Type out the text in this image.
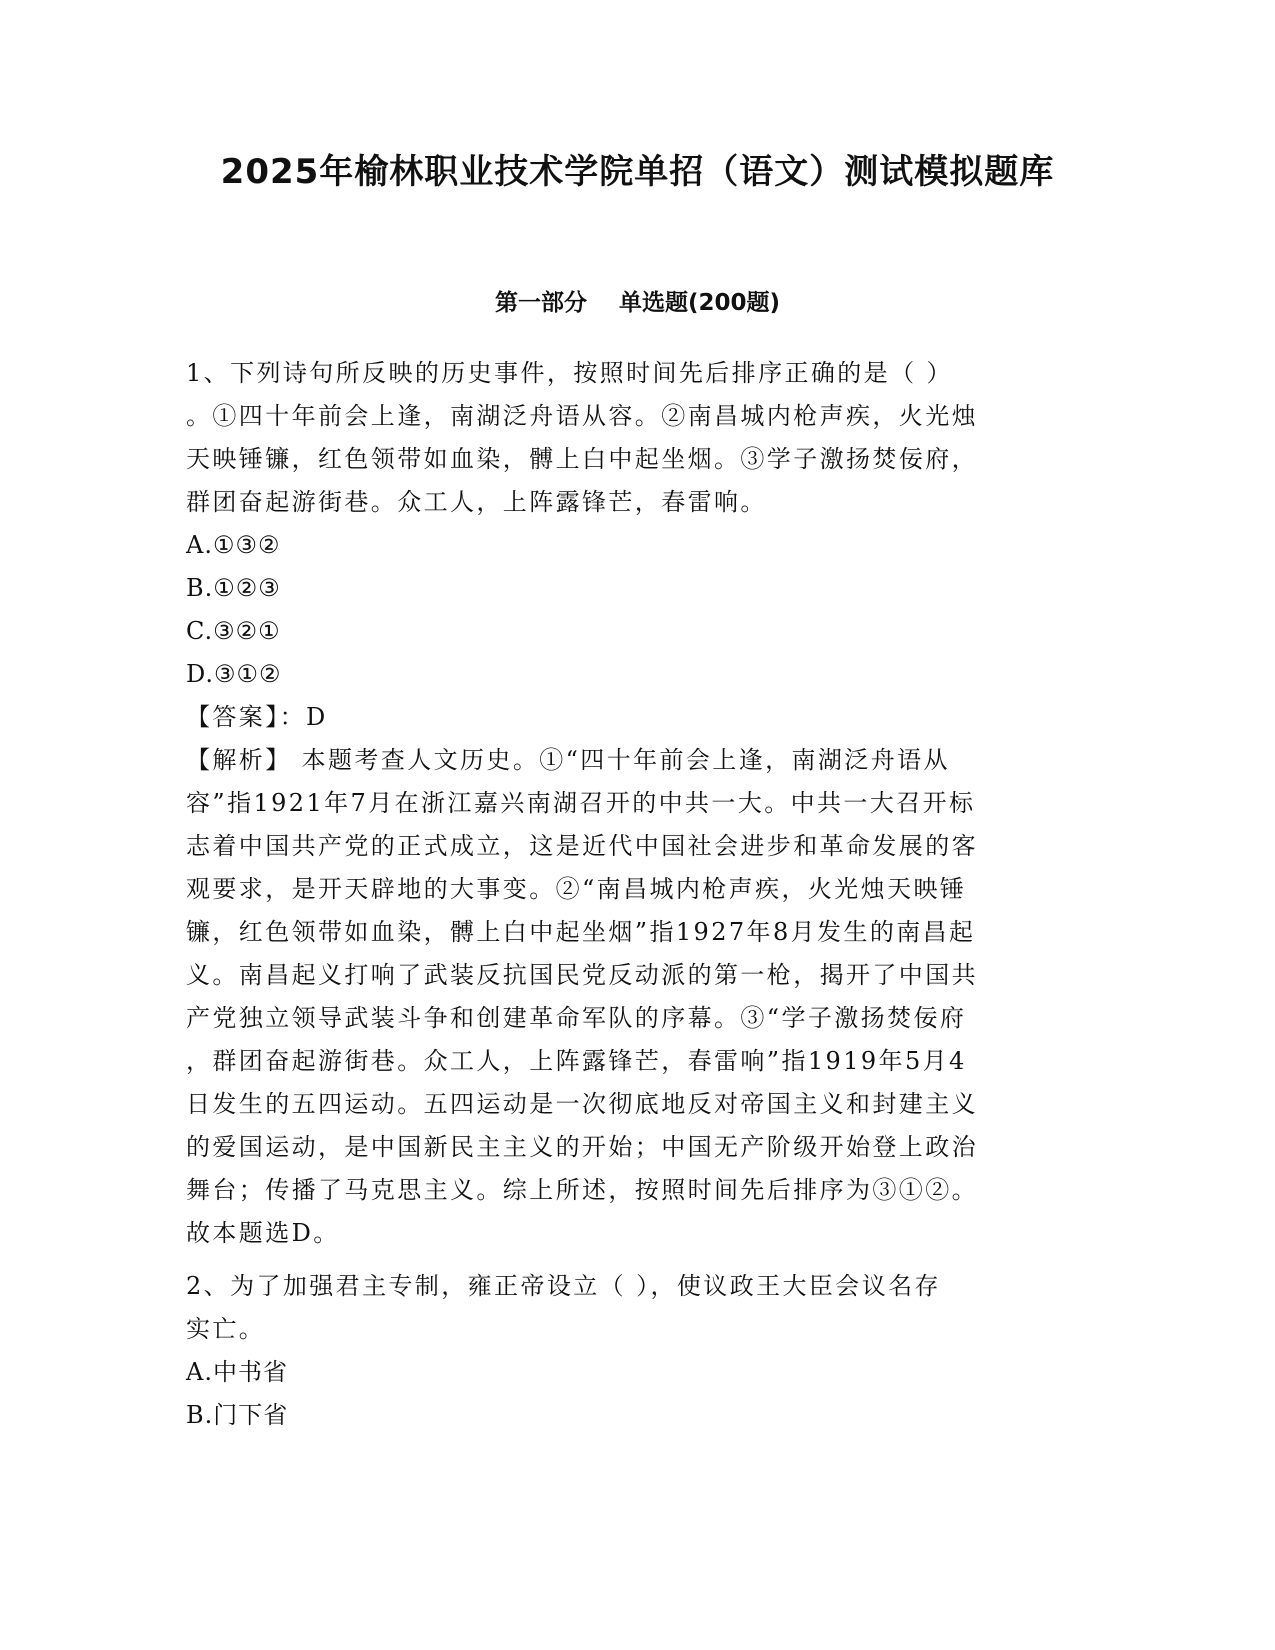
2025年榆林职业技术学院单招（语文）测试模拟题库
第一部分    单选题(200题)
1、下列诗句所反映的历史事件，按照时间先后排序正确的是（ ）
。①四十年前会上逢，南湖泛舟语从容。②南昌城内枪声疾，火光烛
天映锤镰，红色领带如血染，髆上白中起坐烟。③学子激扬焚佞府，
群团奋起游街巷。众工人，上阵露锋芒，春雷响。
A.①③②
B.①②③
C.③②①
D.③①②
【答案】：D
【解析】 本题考查人文历史。①“四十年前会上逢，南湖泛舟语从
容”指1921年7月在浙江嘉兴南湖召开的中共一大。中共一大召开标
志着中国共产党的正式成立，这是近代中国社会进步和革命发展的客
观要求，是开天辟地的大事变。②“南昌城内枪声疾，火光烛天映锤
镰，红色领带如血染，髆上白中起坐烟”指1927年8月发生的南昌起
义。南昌起义打响了武装反抗国民党反动派的第一枪，揭开了中国共
产党独立领导武装斗争和创建革命军队的序幕。③“学子激扬焚佞府
，群团奋起游街巷。众工人，上阵露锋芒，春雷响”指1919年5月4
日发生的五四运动。五四运动是一次彻底地反对帝国主义和封建主义
的爱国运动，是中国新民主主义的开始；中国无产阶级开始登上政治
舞台；传播了马克思主义。综上所述，按照时间先后排序为③①②。
故本题选D。
2、为了加强君主专制，雍正帝设立（ ），使议政王大臣会议名存
实亡。
A.中书省
B.门下省
